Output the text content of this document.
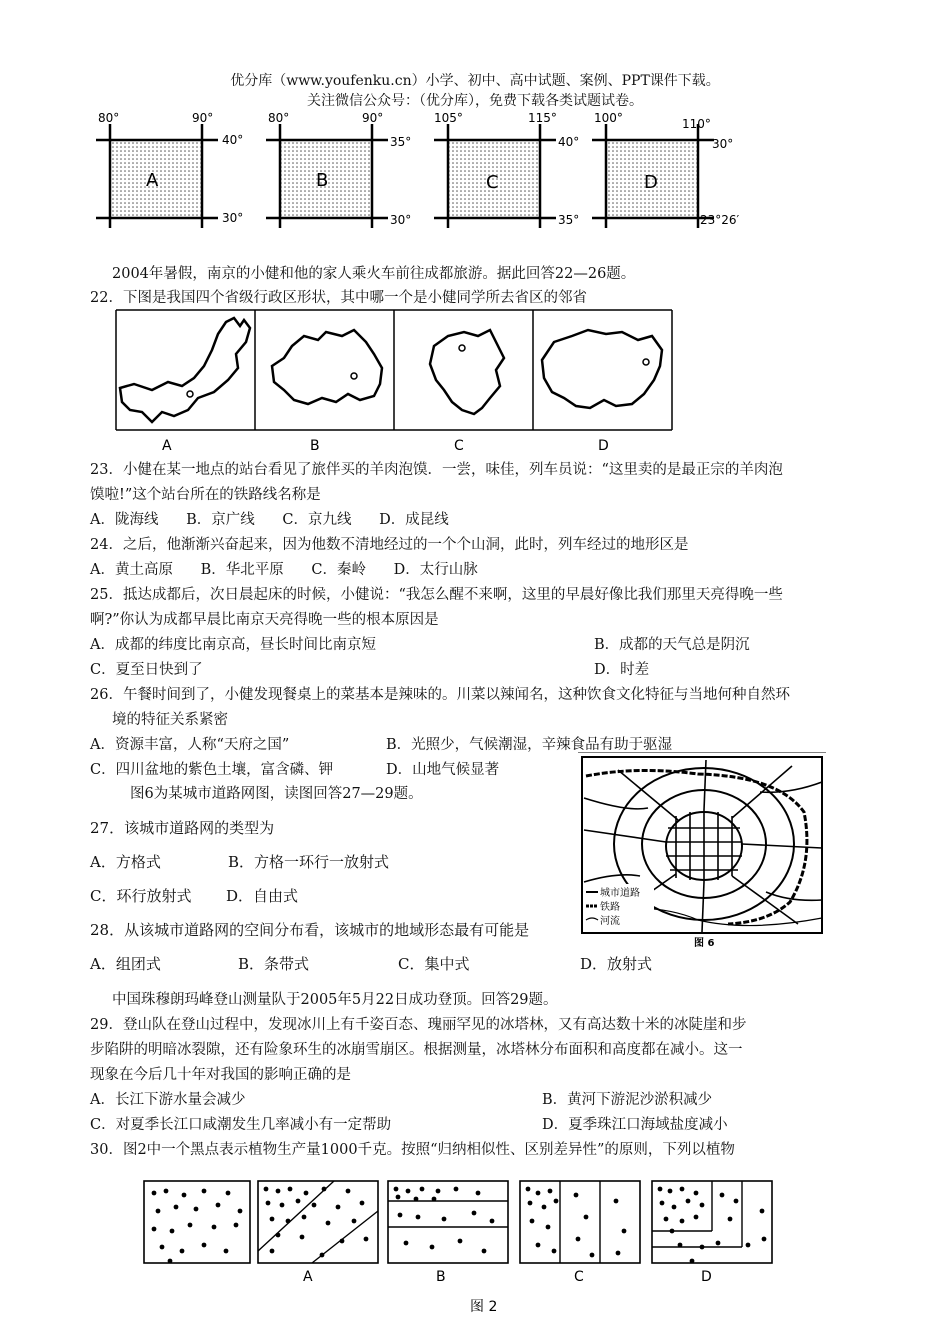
优分库（www.youfenku.cn）小学、初中、高中试题、案例、PPT课件下载。
关注微信公众号：（优分库），免费下载各类试题试卷。
80°	90°
40°
30°
A
80°	90°
35°
30°
B
105°	115°
40°
35°
C
100°	110°
30°
23°26′
D
2004年暑假，南京的小健和他的家人乘火车前往成都旅游。据此回答22—26题。
22．下图是我国四个省级行政区形状，其中哪一个是小健同学所去省区的邻省
A	B	C	D
23．小健在某一地点的站台看见了旅伴买的羊肉泡馍．一尝，味佳，列车员说：“这里卖的是最正宗的羊肉泡
馍啦!”这个站台所在的铁路线名称是
A．陇海线      B．京广线      C．京九线      D．成昆线
24．之后，他渐渐兴奋起来，因为他数不清地经过的一个个山洞，此时，列车经过的地形区是
A．黄土高原      B．华北平原      C．秦岭      D．太行山脉
25．抵达成都后，次日晨起床的时候，小健说：“我怎么醒不来啊，这里的早晨好像比我们那里天亮得晚一些
啊?”你认为成都早晨比南京天亮得晚一些的根本原因是
A．成都的纬度比南京高，昼长时间比南京短	B．成都的天气总是阴沉
C．夏至日快到了	D．时差
26．午餐时间到了，小健发现餐桌上的菜基本是辣味的。川菜以辣闻名，这种饮食文化特征与当地何种自然环
境的特征关系紧密
A．资源丰富，人称“天府之国”	B．光照少，气候潮湿，辛辣食品有助于驱湿
C．四川盆地的紫色土壤，富含磷、钾	D．山地气候显著
图6为某城市道路网图，读图回答27—29题。
27．该城市道路网的类型为
A．方格式	B．方格一环行一放射式
C．环行放射式 D．自由式
28．从该城市道路网的空间分布看，该城市的地域形态最有可能是
A．组团式	B．条带式	C．集中式	D．放射式
城市道路
铁路
河流
图 6
中国珠穆朗玛峰登山测量队于2005年5月22日成功登顶。回答29题。
29．登山队在登山过程中，发现冰川上有千姿百态、瑰丽罕见的冰塔林，又有高达数十米的冰陡崖和步
步陷阱的明暗冰裂隙，还有险象环生的冰崩雪崩区。根据测量，冰塔林分布面积和高度都在减小。这一
现象在今后几十年对我国的影响正确的是
A．长江下游水量会减少	B．黄河下游泥沙淤积减少
C．对夏季长江口咸潮发生几率减小有一定帮助	D．夏季珠江口海域盐度减小
30．图2中一个黑点表示植物生产量1000千克。按照“归纳相似性、区别差异性”的原则，下列以植物
A	B	C	D
图 2
